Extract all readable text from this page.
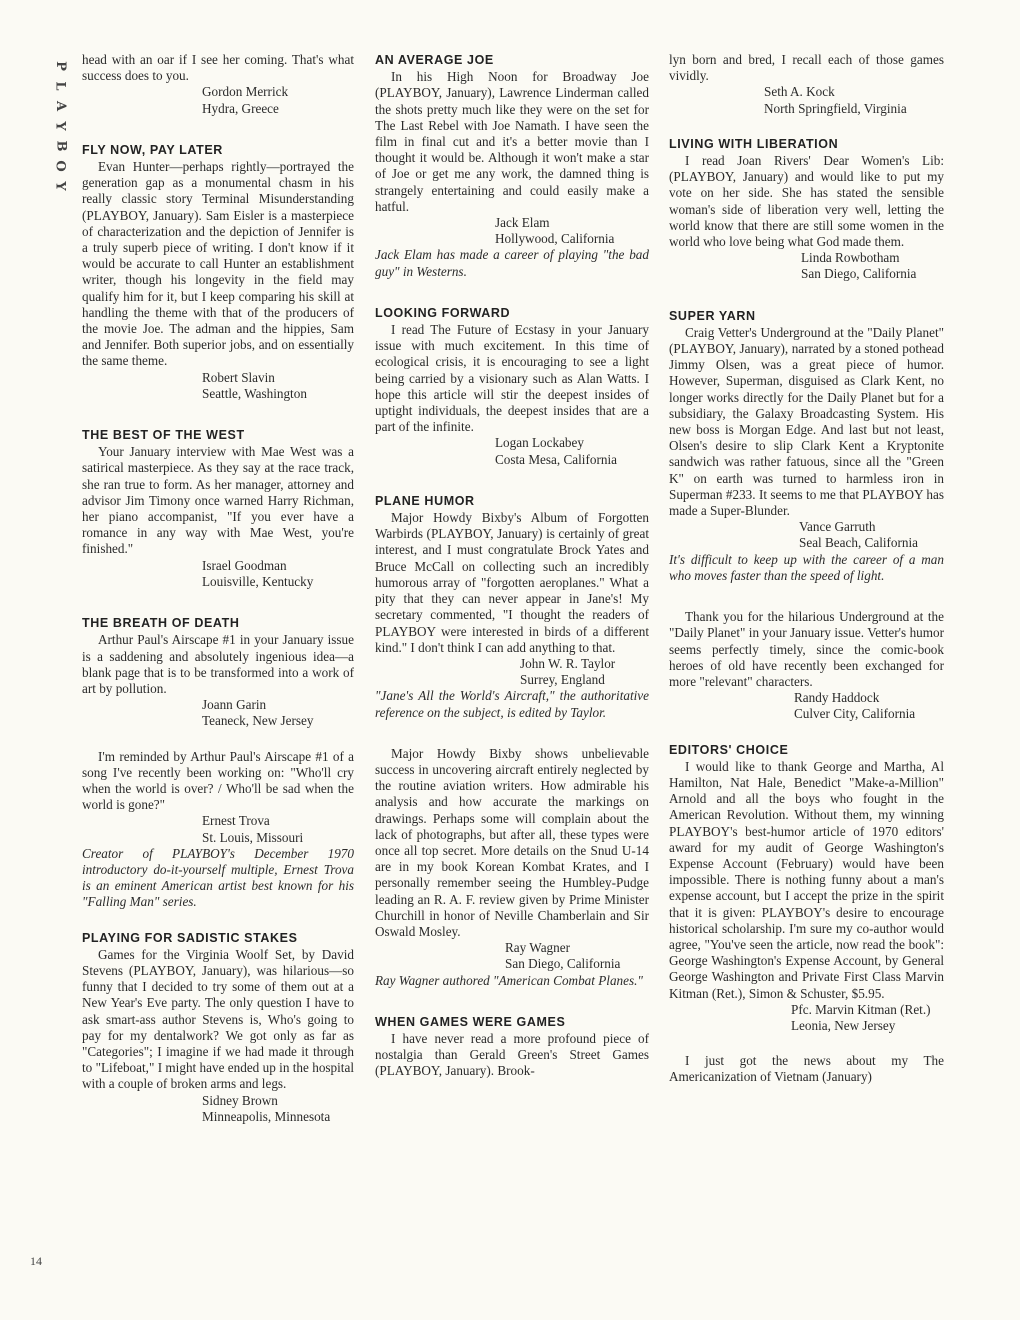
P
L
A
Y
B
O
Y
14

head with an oar if I see her coming. That's what success does to you.

Gordon Merrick
Hydra, Greece
FLY NOW, PAY LATER

Evan Hunter—perhaps rightly—portrayed the generation gap as a monumental chasm in his really classic story Terminal Misunderstanding (PLAYBOY, January). Sam Eisler is a masterpiece of characterization and the depiction of Jennifer is a truly superb piece of writing. I don't know if it would be accurate to call Hunter an establishment writer, though his longevity in the field may qualify him for it, but I keep comparing his skill at handling the theme with that of the producers of the movie Joe. The adman and the hippies, Sam and Jennifer. Both superior jobs, and on essentially the same theme.

Robert Slavin
Seattle, Washington
THE BEST OF THE WEST

Your January interview with Mae West was a satirical masterpiece. As they say at the race track, she ran true to form. As her manager, attorney and advisor Jim Timony once warned Harry Richman, her piano accompanist, "If you ever have a romance in any way with Mae West, you're finished."

Israel Goodman
Louisville, Kentucky
THE BREATH OF DEATH

Arthur Paul's Airscape #1 in your January issue is a saddening and absolutely ingenious idea—a blank page that is to be transformed into a work of art by pollution.

Joann Garin
Teaneck, New Jersey

I'm reminded by Arthur Paul's Airscape #1 of a song I've recently been working on: "Who'll cry when the world is over? / Who'll be sad when the world is gone?"

Ernest Trova
St. Louis, Missouri

Creator of PLAYBOY's December 1970 introductory do-it-yourself multiple, Ernest Trova is an eminent American artist best known for his "Falling Man" series.

PLAYING FOR SADISTIC STAKES

Games for the Virginia Woolf Set, by David Stevens (PLAYBOY, January), was hilarious—so funny that I decided to try some of them out at a New Year's Eve party. The only question I have to ask smart-ass author Stevens is, Who's going to pay for my dentalwork? We got only as far as "Categories"; I imagine if we had made it through to "Lifeboat," I might have ended up in the hospital with a couple of broken arms and legs.

Sidney Brown
Minneapolis, Minnesota
AN AVERAGE JOE

In his High Noon for Broadway Joe (PLAYBOY, January), Lawrence Linderman called the shots pretty much like they were on the set for The Last Rebel with Joe Namath. I have seen the film in final cut and it's a better movie than I thought it would be. Although it won't make a star of Joe or get me any work, the damned thing is strangely entertaining and could easily make a hatful.

Jack Elam
Hollywood, California

Jack Elam has made a career of playing "the bad guy" in Westerns.

LOOKING FORWARD

I read The Future of Ecstasy in your January issue with much excitement. In this time of ecological crisis, it is encouraging to see a light being carried by a visionary such as Alan Watts. I hope this article will stir the deepest insides of uptight individuals, the deepest insides that are a part of the infinite.

Logan Lockabey
Costa Mesa, California
PLANE HUMOR

Major Howdy Bixby's Album of Forgotten Warbirds (PLAYBOY, January) is certainly of great interest, and I must congratulate Brock Yates and Bruce McCall on collecting such an incredibly humorous array of "forgotten aeroplanes." What a pity that they can never appear in Jane's! My secretary commented, "I thought the readers of PLAYBOY were interested in birds of a different kind." I don't think I can add anything to that.

John W. R. Taylor
Surrey, England

"Jane's All the World's Aircraft," the authoritative reference on the subject, is edited by Taylor.

Major Howdy Bixby shows unbelievable success in uncovering aircraft entirely neglected by the routine aviation writers. How admirable his analysis and how accurate the markings on drawings. Perhaps some will complain about the lack of photographs, but after all, these types were once all top secret. More details on the Snud U-14 are in my book Korean Kombat Krates, and I personally remember seeing the Humbley-Pudge leading an R. A. F. review given by Prime Minister Churchill in honor of Neville Chamberlain and Sir Oswald Mosley.

Ray Wagner
San Diego, California

Ray Wagner authored "American Combat Planes."

WHEN GAMES WERE GAMES

I have never read a more profound piece of nostalgia than Gerald Green's Street Games (PLAYBOY, January). Brook-

lyn born and bred, I recall each of those games vividly.

Seth A. Kock
North Springfield, Virginia
LIVING WITH LIBERATION

I read Joan Rivers' Dear Women's Lib: (PLAYBOY, January) and would like to put my vote on her side. She has stated the sensible woman's side of liberation very well, letting the world know that there are still some women in the world who love being what God made them.

Linda Rowbotham
San Diego, California
SUPER YARN

Craig Vetter's Underground at the "Daily Planet" (PLAYBOY, January), narrated by a stoned pothead Jimmy Olsen, was a great piece of humor. However, Superman, disguised as Clark Kent, no longer works directly for the Daily Planet but for a subsidiary, the Galaxy Broadcasting System. His new boss is Morgan Edge. And last but not least, Olsen's desire to slip Clark Kent a Kryptonite sandwich was rather fatuous, since all the "Green K" on earth was turned to harmless iron in Superman #233. It seems to me that PLAYBOY has made a Super-Blunder.

Vance Garruth
Seal Beach, California

It's difficult to keep up with the career of a man who moves faster than the speed of light.

Thank you for the hilarious Underground at the "Daily Planet" in your January issue. Vetter's humor seems perfectly timely, since the comic-book heroes of old have recently been exchanged for more "relevant" characters.

Randy Haddock
Culver City, California
EDITORS' CHOICE

I would like to thank George and Martha, Al Hamilton, Nat Hale, Benedict "Make-a-Million" Arnold and all the boys who fought in the American Revolution. Without them, my winning PLAYBOY's best-humor article of 1970 editors' award for my audit of George Washington's Expense Account (February) would have been impossible. There is nothing funny about a man's expense account, but I accept the prize in the spirit that it is given: PLAYBOY's desire to encourage historical scholarship. I'm sure my co-author would agree, "You've seen the article, now read the book": George Washington's Expense Account, by General George Washington and Private First Class Marvin Kitman (Ret.), Simon & Schuster, $5.95.

Pfc. Marvin Kitman (Ret.)
Leonia, New Jersey

I just got the news about my The Americanization of Vietnam (January)
